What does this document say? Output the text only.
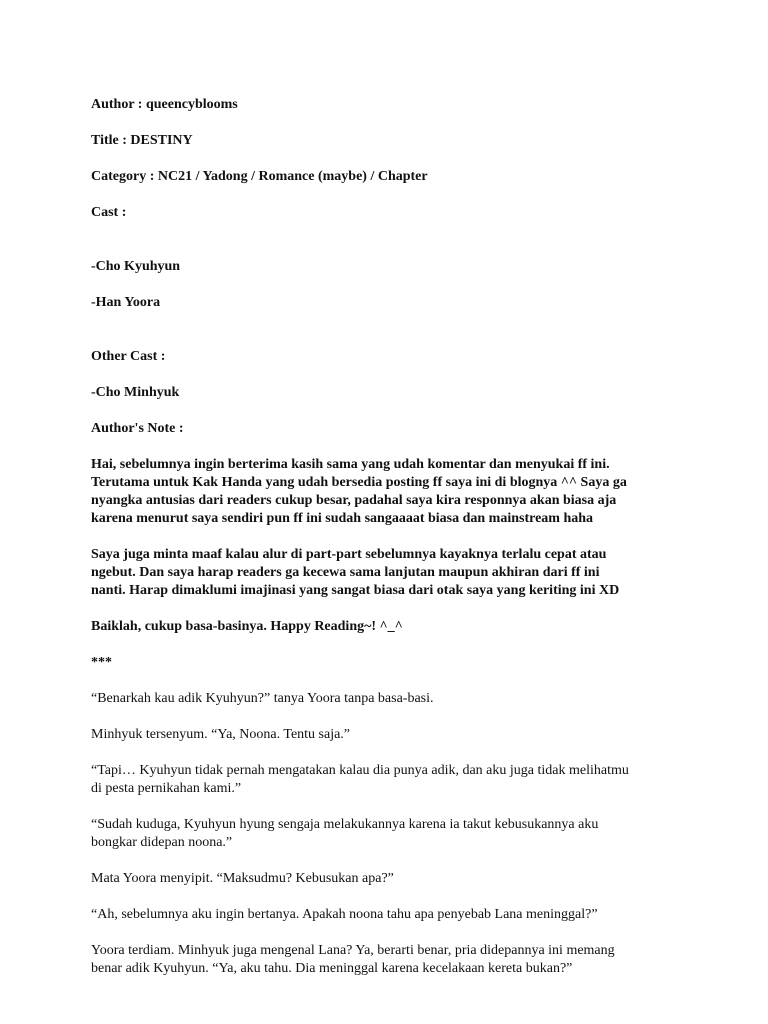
Author : queencyblooms

Title : DESTINY

Category : NC21 / Yadong / Romance (maybe) / Chapter

Cast :

-Cho Kyuhyun

-Han Yoora

Other Cast :

-Cho Minhyuk

Author's Note :

Hai, sebelumnya ingin berterima kasih sama yang udah komentar dan menyukai ff ini.
Terutama untuk Kak Handa yang udah bersedia posting ff saya ini di blognya ^^ Saya ga
nyangka antusias dari readers cukup besar, padahal saya kira responnya akan biasa aja
karena menurut saya sendiri pun ff ini sudah sangaaaat biasa dan mainstream haha

Saya juga minta maaf kalau alur di part-part sebelumnya kayaknya terlalu cepat atau
ngebut. Dan saya harap readers ga kecewa sama lanjutan maupun akhiran dari ff ini
nanti. Harap dimaklumi imajinasi yang sangat biasa dari otak saya yang keriting ini XD

Baiklah, cukup basa-basinya. Happy Reading~! ^_^

***

“Benarkah kau adik Kyuhyun?” tanya Yoora tanpa basa-basi.

Minhyuk tersenyum. “Ya, Noona. Tentu saja.”

“Tapi… Kyuhyun tidak pernah mengatakan kalau dia punya adik, dan aku juga tidak melihatmu
di pesta pernikahan kami.”

“Sudah kuduga, Kyuhyun hyung sengaja melakukannya karena ia takut kebusukannya aku
bongkar didepan noona.”

Mata Yoora menyipit. “Maksudmu? Kebusukan apa?”

“Ah, sebelumnya aku ingin bertanya. Apakah noona tahu apa penyebab Lana meninggal?”

Yoora terdiam. Minhyuk juga mengenal Lana? Ya, berarti benar, pria didepannya ini memang
benar adik Kyuhyun. “Ya, aku tahu. Dia meninggal karena kecelakaan kereta bukan?”
